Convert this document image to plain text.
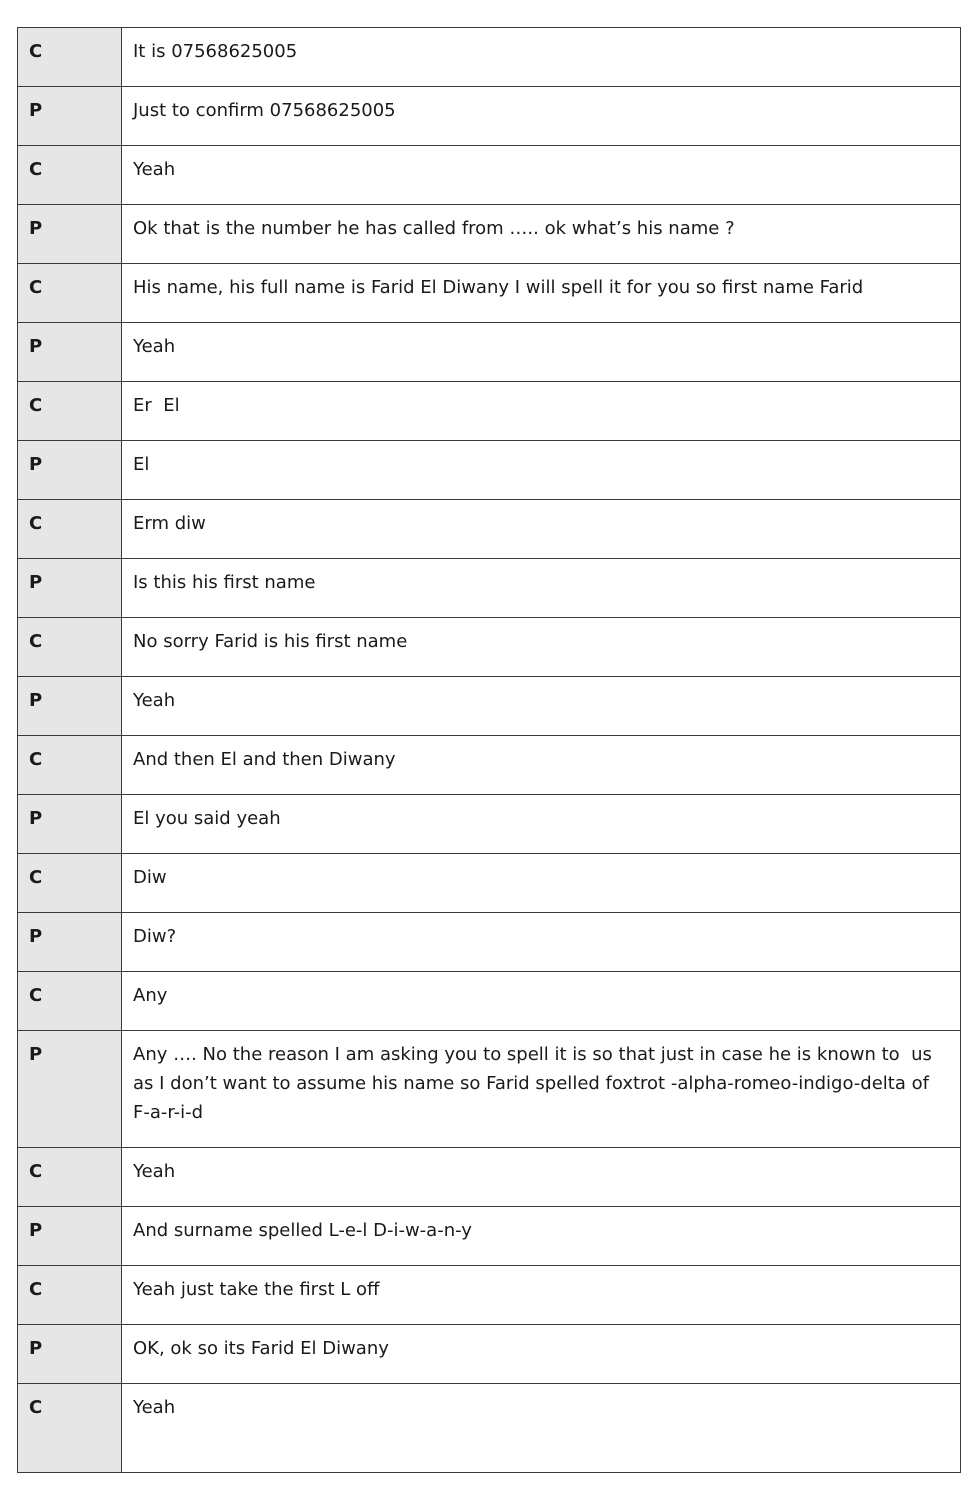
C	It is 07568625005
P	Just to confirm 07568625005
C	Yeah
P	Ok that is the number he has called from ….. ok what’s his name ?
C	His name, his full name is Farid El Diwany I will spell it for you so first name Farid
P	Yeah
C	Er  El
P	El
C	Erm diw
P	Is this his first name
C	No sorry Farid is his first name
P	Yeah
C	And then El and then Diwany
P	El you said yeah
C	Diw
P	Diw?
C	Any
P	Any …. No the reason I am asking you to spell it is so that just in case he is known to  us as I don’t want to assume his name so Farid spelled foxtrot -alpha-romeo-indigo-delta of F-a-r-i-d
C	Yeah
P	And surname spelled L-e-l D-i-w-a-n-y
C	Yeah just take the first L off
P	OK, ok so its Farid El Diwany
C	Yeah
